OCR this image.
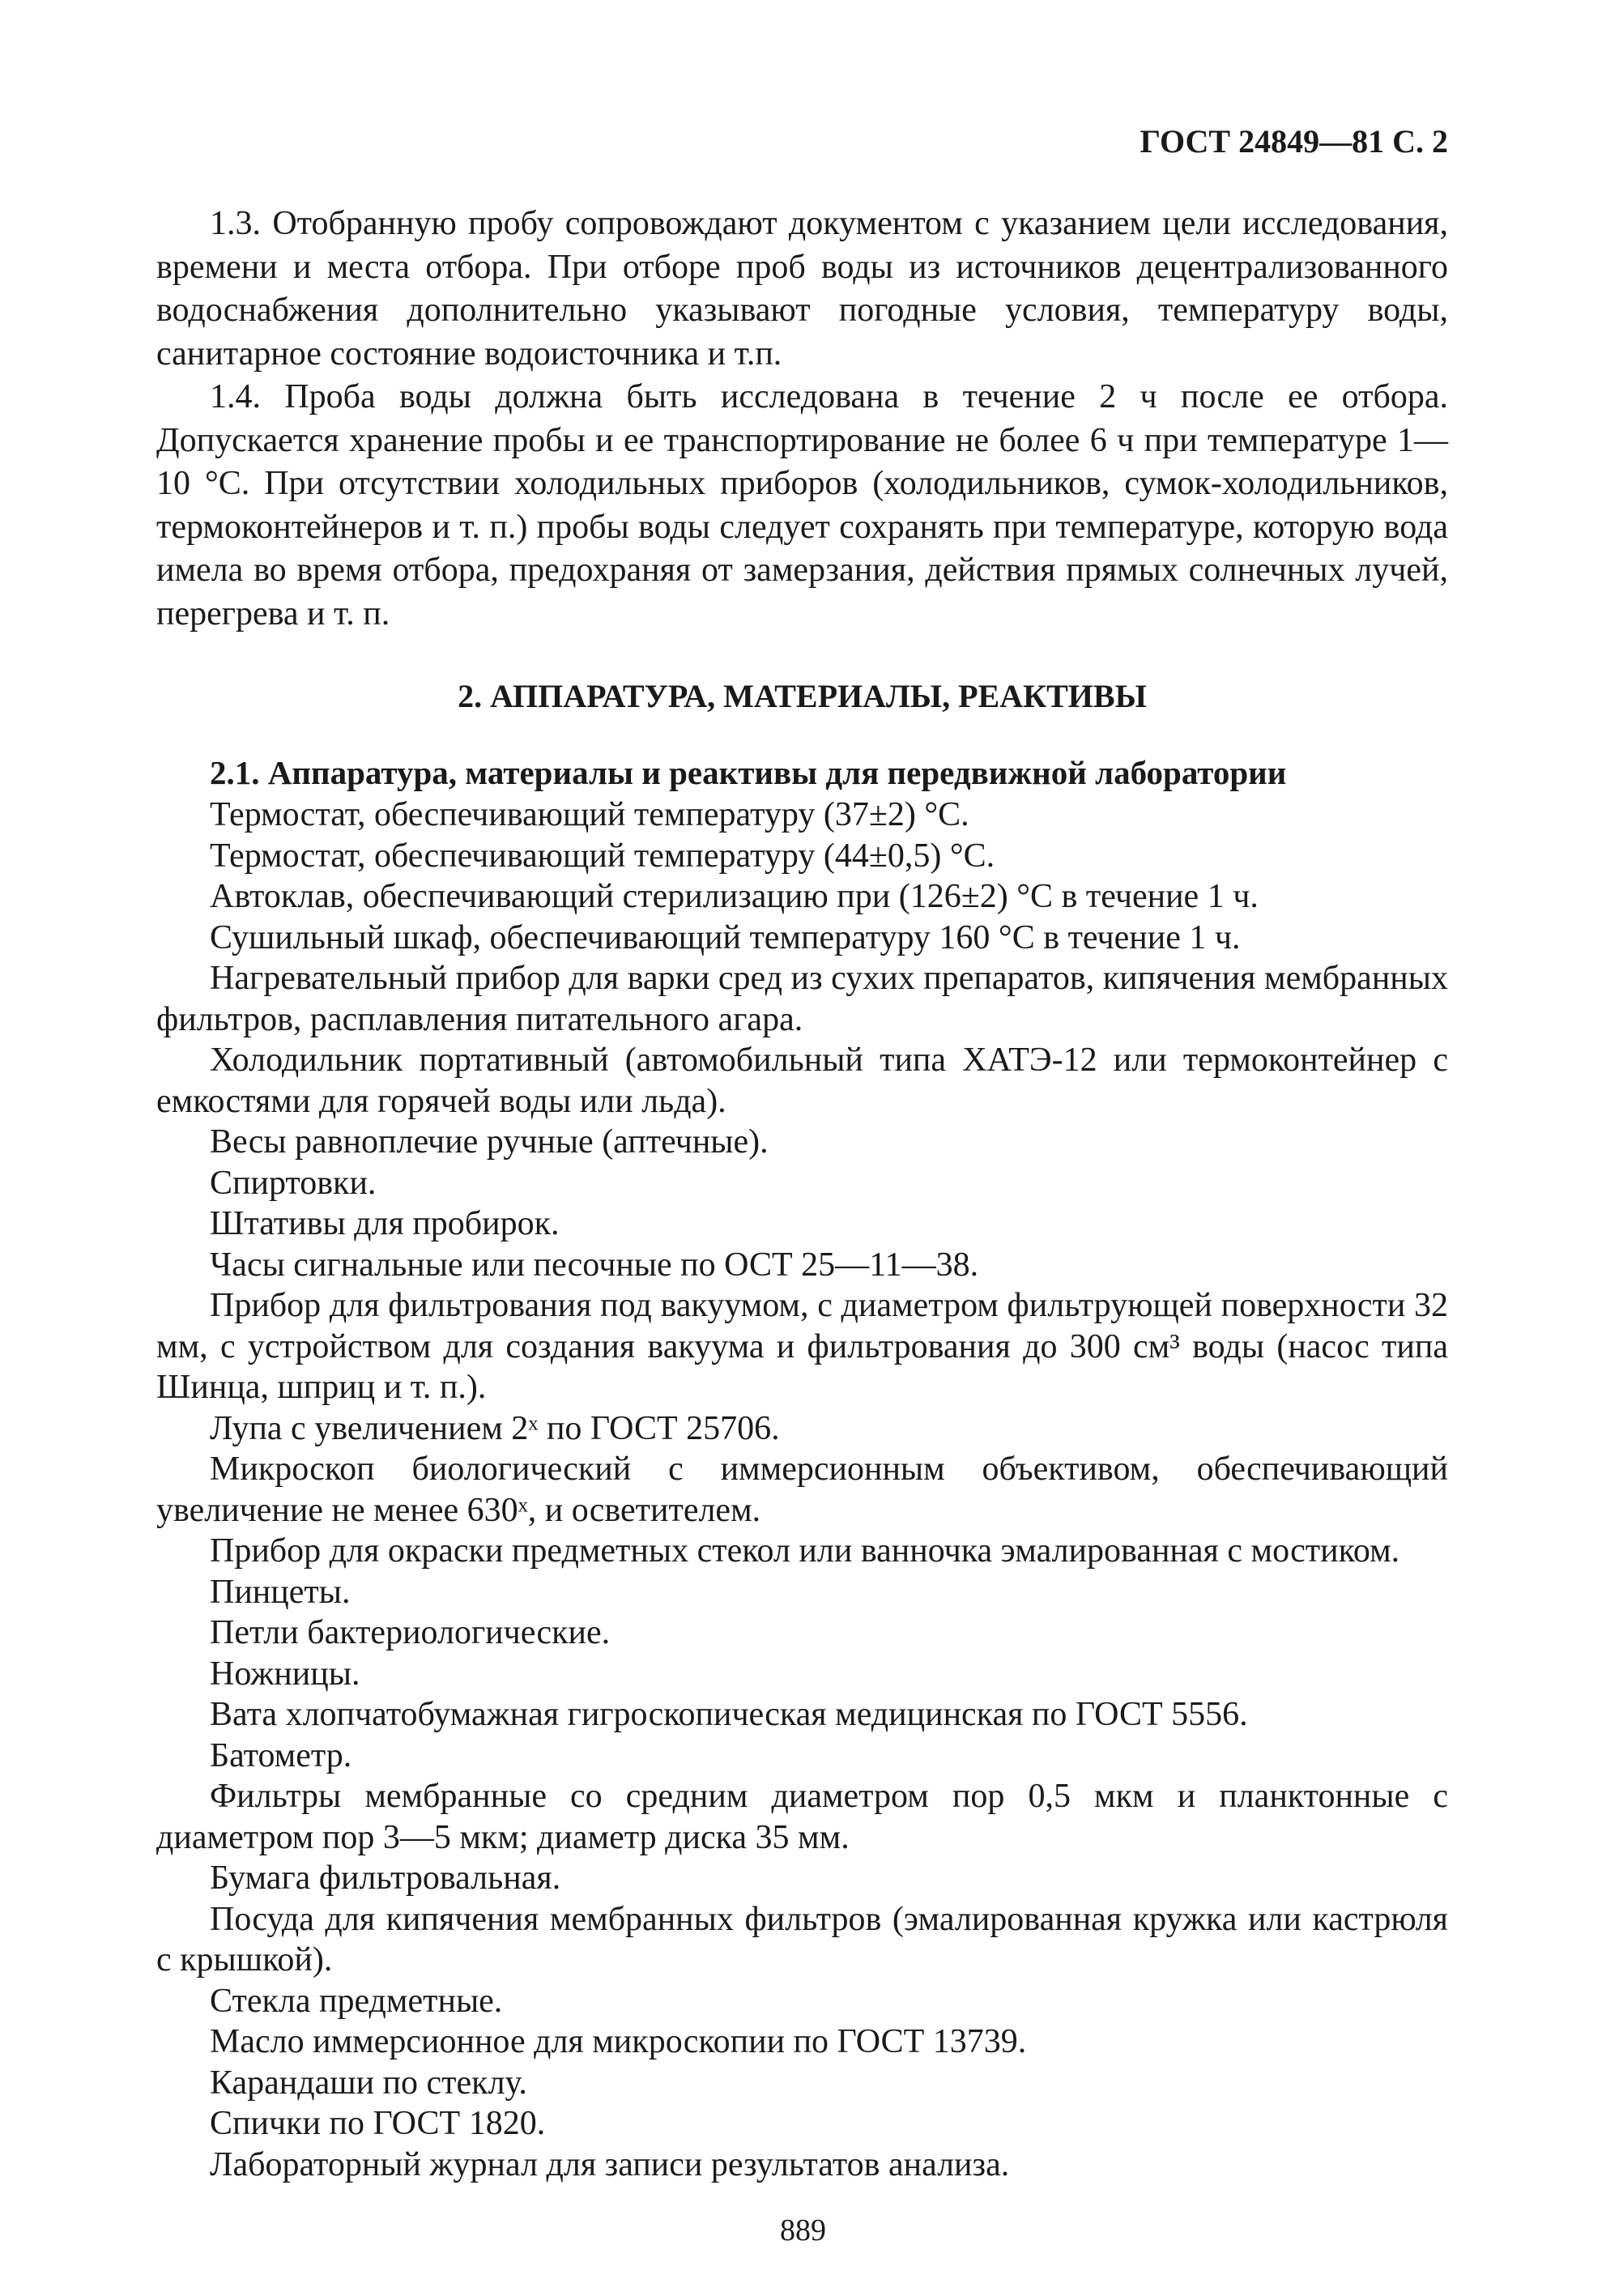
ГОСТ 24849—81 С. 2

1.3. Отобранную пробу сопровождают документом с указанием цели исследования, времени и места отбора. При отборе проб воды из источников децентрализованного водоснабжения дополнительно указывают погодные условия, температуру воды, санитарное состояние водоисточника и т.п.

1.4. Проба воды должна быть исследована в течение 2 ч после ее отбора. Допускается хранение пробы и ее транспортирование не более 6 ч при температуре 1—10 °С. При отсутствии холодильных приборов (холодильников, сумок-холодильников, термоконтейнеров и т. п.) пробы воды следует сохранять при температуре, которую вода имела во время отбора, предохраняя от замерзания, действия прямых солнечных лучей, перегрева и т. п.

2. АППАРАТУРА, МАТЕРИАЛЫ, РЕАКТИВЫ

2.1. Аппаратура, материалы и реактивы для передвижной лаборатории

Термостат, обеспечивающий температуру (37±2) °С.

Термостат, обеспечивающий температуру (44±0,5) °С.

Автоклав, обеспечивающий стерилизацию при (126±2) °С в течение 1 ч.

Сушильный шкаф, обеспечивающий температуру 160 °С в течение 1 ч.

Нагревательный прибор для варки сред из сухих препаратов, кипячения мембранных фильтров, расплавления питательного агара.

Холодильник портативный (автомобильный типа ХАТЭ-12 или термоконтейнер с емкостями для горячей воды или льда).

Весы равноплечие ручные (аптечные).

Спиртовки.

Штативы для пробирок.

Часы сигнальные или песочные по ОСТ 25—11—38.

Прибор для фильтрования под вакуумом, с диаметром фильтрующей поверхности 32 мм, с устройством для создания вакуума и фильтрования до 300 см³ воды (насос типа Шинца, шприц и т. п.).

Лупа с увеличением 2ˣ по ГОСТ 25706.

Микроскоп биологический с иммерсионным объективом, обеспечивающий увеличение не менее 630ˣ, и осветителем.

Прибор для окраски предметных стекол или ванночка эмалированная с мостиком.

Пинцеты.

Петли бактериологические.

Ножницы.

Вата хлопчатобумажная гигроскопическая медицинская по ГОСТ 5556.

Батометр.

Фильтры мембранные со средним диаметром пор 0,5 мкм и планктонные с диаметром пор 3—5 мкм; диаметр диска 35 мм.

Бумага фильтровальная.

Посуда для кипячения мембранных фильтров (эмалированная кружка или кастрюля с крышкой).

Стекла предметные.

Масло иммерсионное для микроскопии по ГОСТ 13739.

Карандаши по стеклу.

Спички по ГОСТ 1820.

Лабораторный журнал для записи результатов анализа.

889
